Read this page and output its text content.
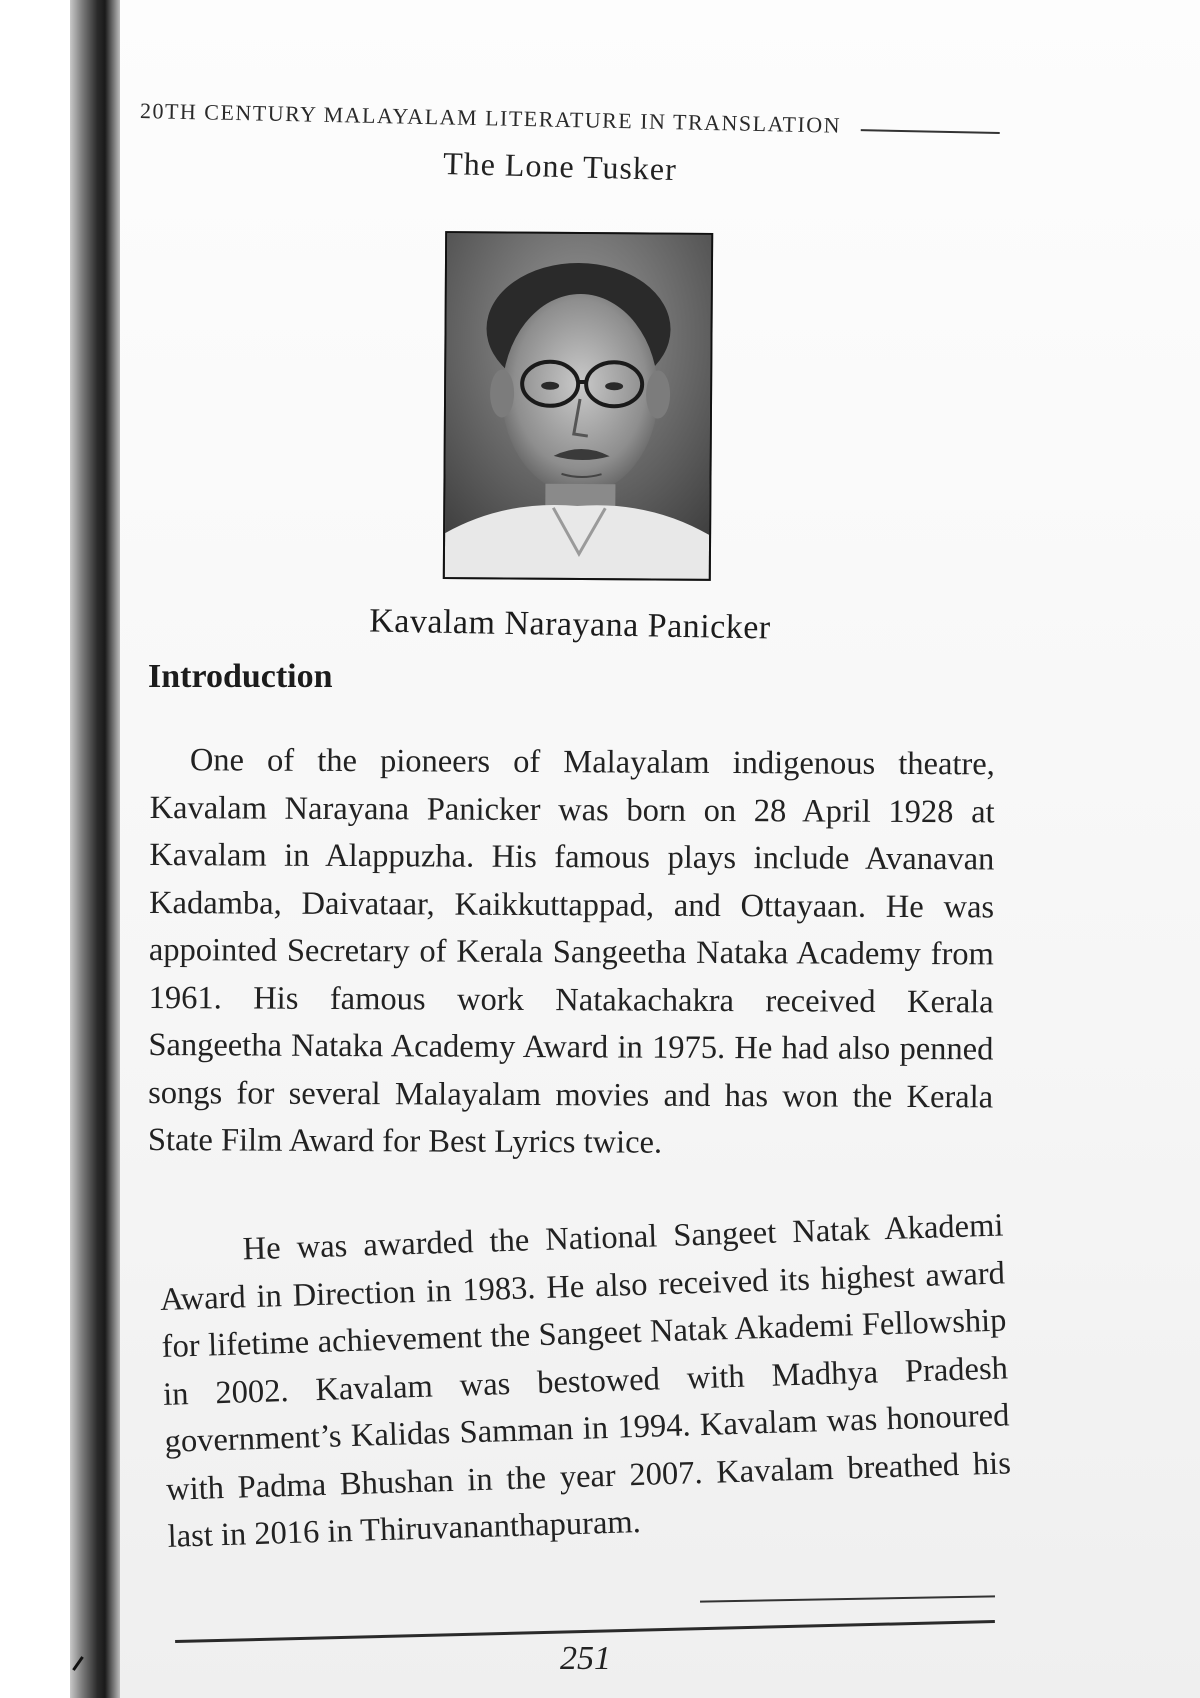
20TH CENTURY MALAYALAM LITERATURE IN TRANSLATION
The Lone Tusker
Kavalam Narayana Panicker
Introduction

One of the pioneers of Malayalam indigenous theatre, Kavalam Narayana Panicker was born on 28 April 1928 at Kavalam in Alappuzha. His famous plays include Avanavan Kadamba, Daivataar, Kaikkuttappad, and Ottayaan. He was appointed Secretary of Kerala Sangeetha Nataka Academy from 1961. His famous work Natakachakra received Kerala Sangeetha Nataka Academy Award in 1975. He had also penned songs for several Malayalam movies and has won the Kerala State Film Award for Best Lyrics twice.

He was awarded the National Sangeet Natak Akademi Award in Direction in 1983. He also received its highest award for lifetime achievement the Sangeet Natak Akademi Fellowship in 2002. Kavalam was bestowed with Madhya Pradesh government’s Kalidas Samman in 1994. Kavalam was honoured with Padma Bhushan in the year 2007. Kavalam breathed his last in 2016 in Thiruvananthapuram.

251
